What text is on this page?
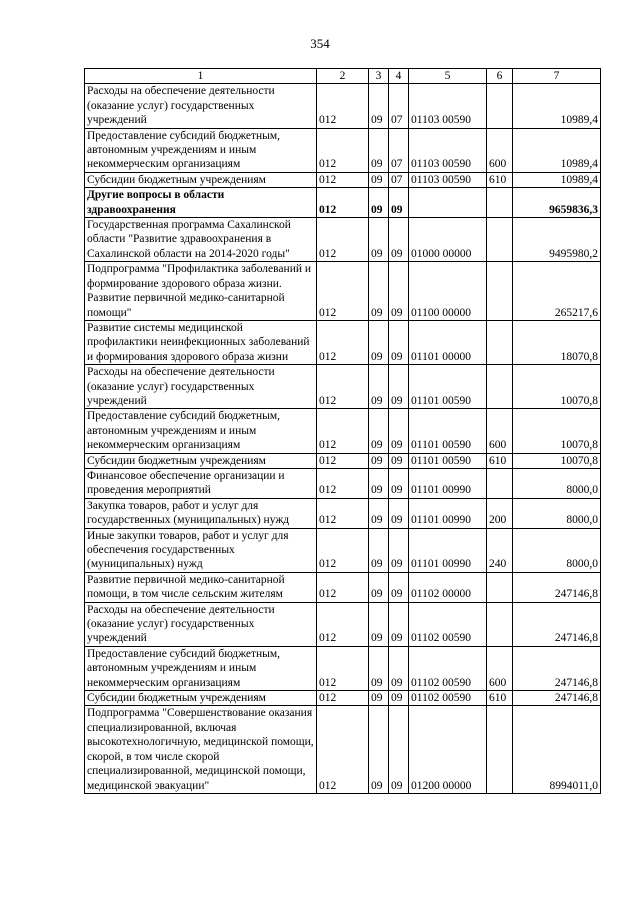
354
1	2	3	4	5	6	7
Расходы на обеспечение деятельности (оказание услуг) государственных учреждений	012	09	07	01103 00590		10989,4
Предоставление субсидий бюджетным, автономным учреждениям и иным некоммерческим организациям	012	09	07	01103 00590	600	10989,4
Субсидии бюджетным учреждениям	012	09	07	01103 00590	610	10989,4
Другие вопросы в области здравоохранения	012	09	09			9659836,3
Государственная программа Сахалинской области "Развитие здравоохранения в Сахалинской области на 2014-2020 годы"	012	09	09	01000 00000		9495980,2
Подпрограмма "Профилактика заболеваний и формирование здорового образа жизни. Развитие первичной медико-санитарной помощи"	012	09	09	01100 00000		265217,6
Развитие системы медицинской профилактики неинфекционных заболеваний и формирования здорового образа жизни	012	09	09	01101 00000		18070,8
Расходы на обеспечение деятельности (оказание услуг) государственных учреждений	012	09	09	01101 00590		10070,8
Предоставление субсидий бюджетным, автономным учреждениям и иным некоммерческим организациям	012	09	09	01101 00590	600	10070,8
Субсидии бюджетным учреждениям	012	09	09	01101 00590	610	10070,8
Финансовое обеспечение организации и проведения мероприятий	012	09	09	01101 00990		8000,0
Закупка товаров, работ и услуг для государственных (муниципальных) нужд	012	09	09	01101 00990	200	8000,0
Иные закупки товаров, работ и услуг для обеспечения государственных (муниципальных) нужд	012	09	09	01101 00990	240	8000,0
Развитие первичной медико-санитарной помощи, в том числе сельским жителям	012	09	09	01102 00000		247146,8
Расходы на обеспечение деятельности (оказание услуг) государственных учреждений	012	09	09	01102 00590		247146,8
Предоставление субсидий бюджетным, автономным учреждениям и иным некоммерческим организациям	012	09	09	01102 00590	600	247146,8
Субсидии бюджетным учреждениям	012	09	09	01102 00590	610	247146,8
Подпрограмма "Совершенствование оказания специализированной, включая высокотехнологичную, медицинской помощи, скорой, в том числе скорой специализированной, медицинской помощи, медицинской эвакуации"	012	09	09	01200 00000		8994011,0
